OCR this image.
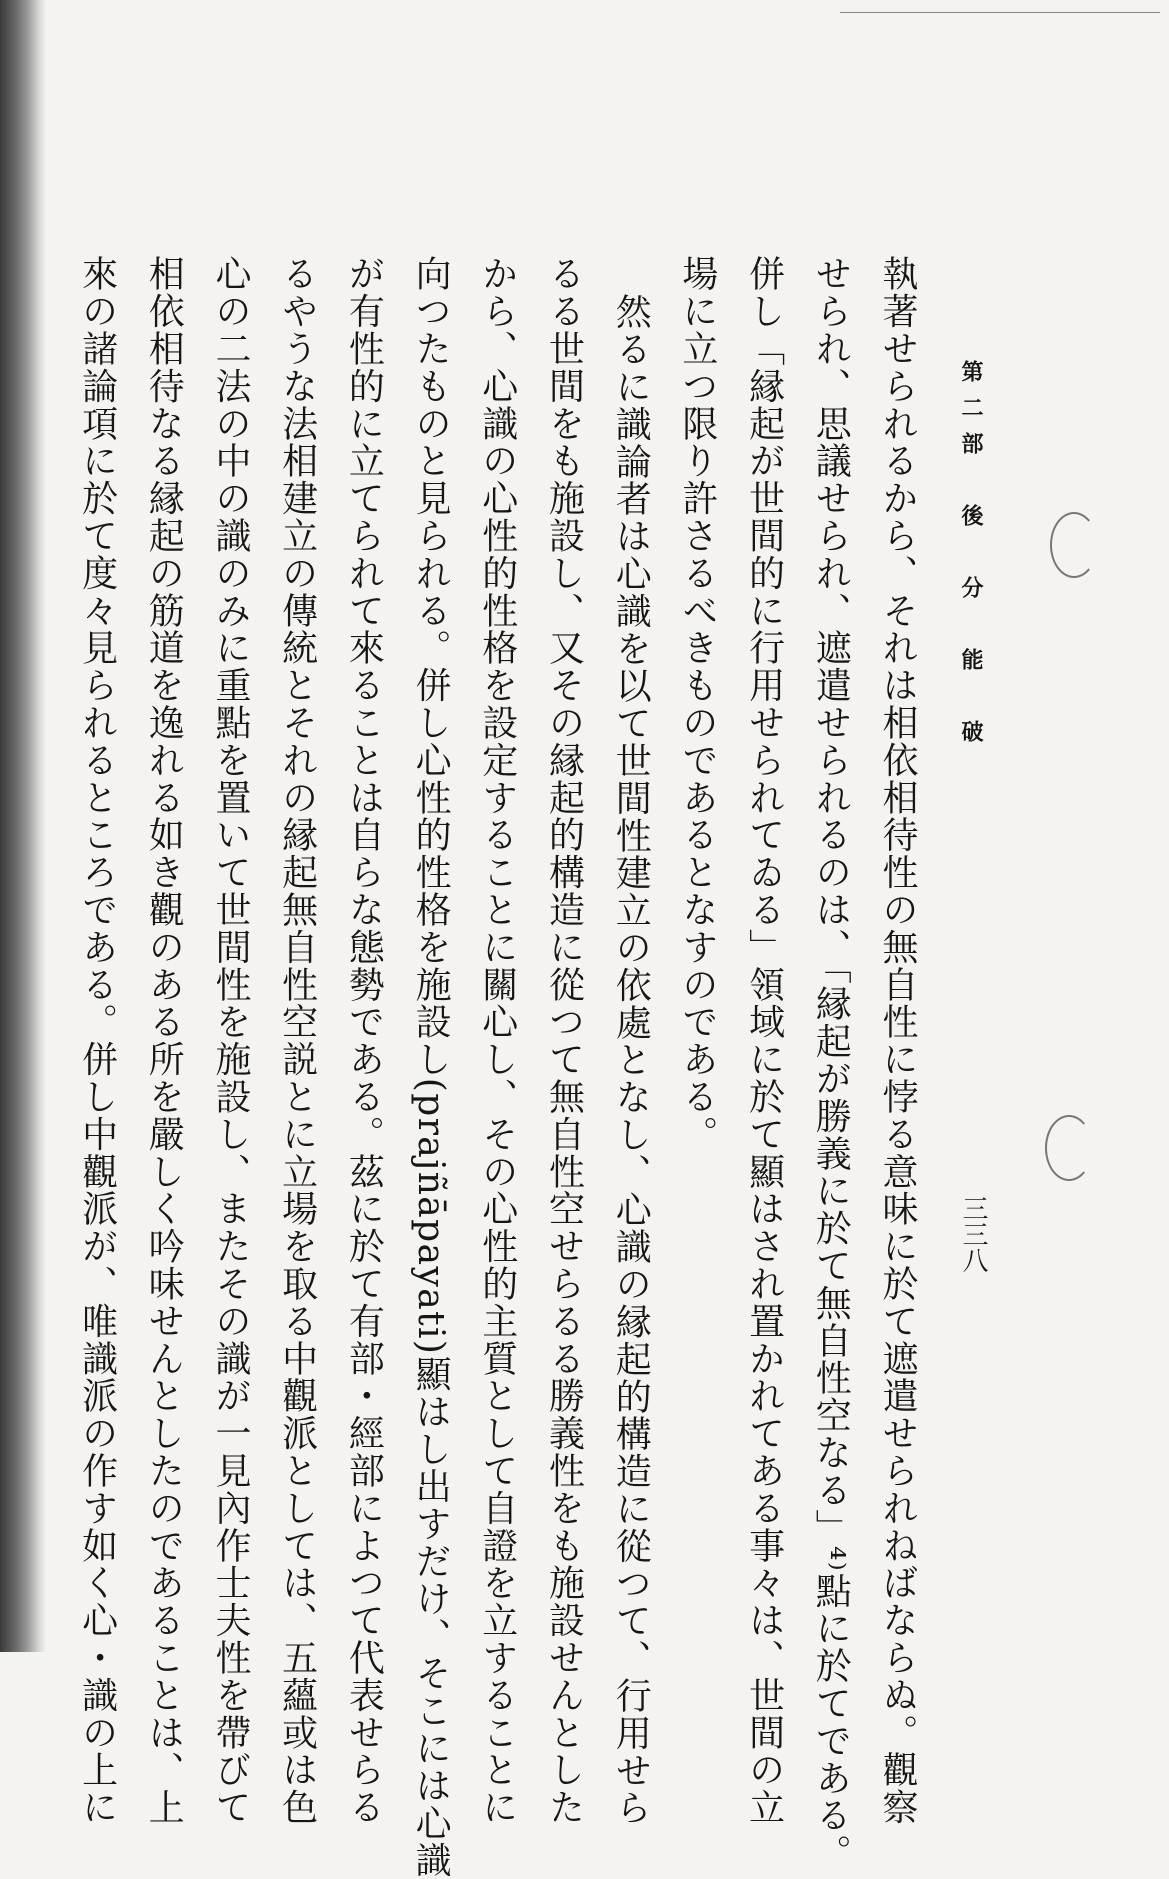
第二部　後　分　能　破
三三八
執著せられるから、それは相依相待性の無自性に悖る意味に於て遮遣せられねばならぬ。觀察
せられ、思議せられ、遮遣せられるのは、「縁起が勝義に於て無自性空なる」⁴⁾點に於てである。
併し「縁起が世間的に行用せられてゐる」領域に於て顯はされ置かれてある事々は、世間の立
場に立つ限り許さるべきものであるとなすのである。
然るに識論者は心識を以て世間性建立の依處となし、心識の縁起的構造に從つて、行用せら
るる世間をも施設し、又その縁起的構造に從つて無自性空せらるる勝義性をも施設せんとした
から、心識の心性的性格を設定することに關心し、その心性的主質として自證を立することに
向つたものと見られる。併し心性的性格を施設し(prajñāpayati)顯はし出すだけ、そこには心識
が有性的に立てられて來ることは自らな態勢である。茲に於て有部・經部によつて代表せらる
るやうな法相建立の傳統とそれの縁起無自性空説とに立場を取る中觀派としては、五蘊或は色
心の二法の中の識のみに重點を置いて世間性を施設し、またその識が一見內作士夫性を帶びて
相依相待なる縁起の筋道を逸れる如き觀のある所を嚴しく吟味せんとしたのであることは、上
來の諸論項に於て度々見られるところである。併し中觀派が、唯識派の作す如く心・識の上に
